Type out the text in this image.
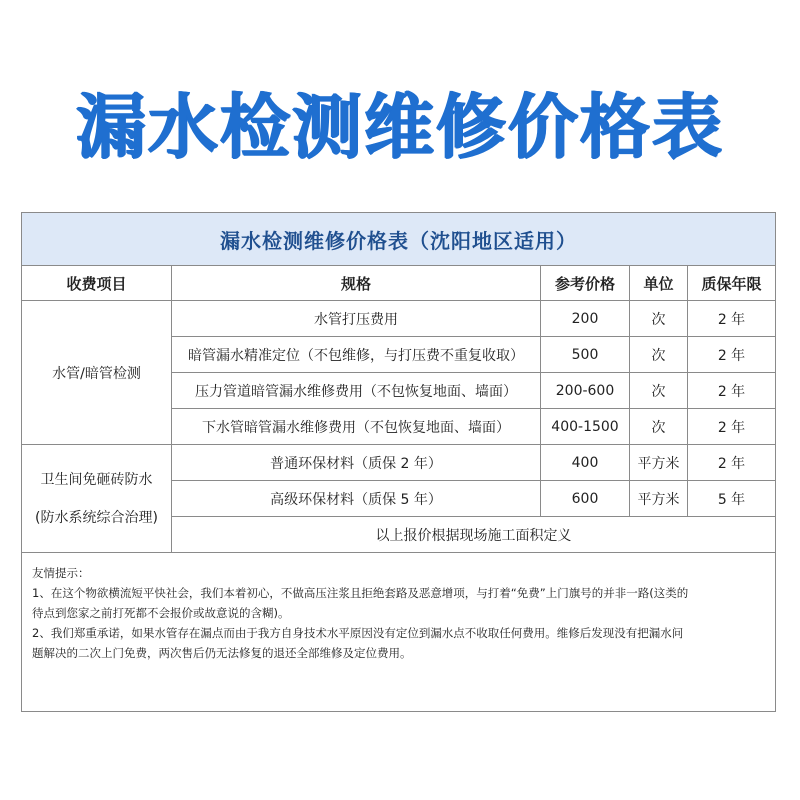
漏水检测维修价格表
漏水检测维修价格表（沈阳地区适用）				
收费项目	规格	参考价格	单位	质保年限
水管/暗管检测	水管打压费用	200	次	2 年
	暗管漏水精准定位（不包维修，与打压费不重复收取）	500	次	2 年
	压力管道暗管漏水维修费用（不包恢复地面、墙面）	200-600	次	2 年
	下水管暗管漏水维修费用（不包恢复地面、墙面）	400-1500	次	2 年

卫生间免砸砖防水
(防水系统综合治理)	普通环保材料（质保 2 年）	400	平方米	2 年
	高级环保材料（质保 5 年）	600	平方米	5 年
	以上报价根据现场施工面积定义			

友情提示：
1、在这个物欲横流短平快社会，我们本着初心，不做高压注浆且拒绝套路及恶意增项，与打着“免费”上门旗号的并非一路(这类的
待点到您家之前打死都不会报价或故意说的含糊)。
2、我们郑重承诺，如果水管存在漏点而由于我方自身技术水平原因没有定位到漏水点不收取任何费用。维修后发现没有把漏水问
题解决的二次上门免费，两次售后仍无法修复的退还全部维修及定位费用。				
